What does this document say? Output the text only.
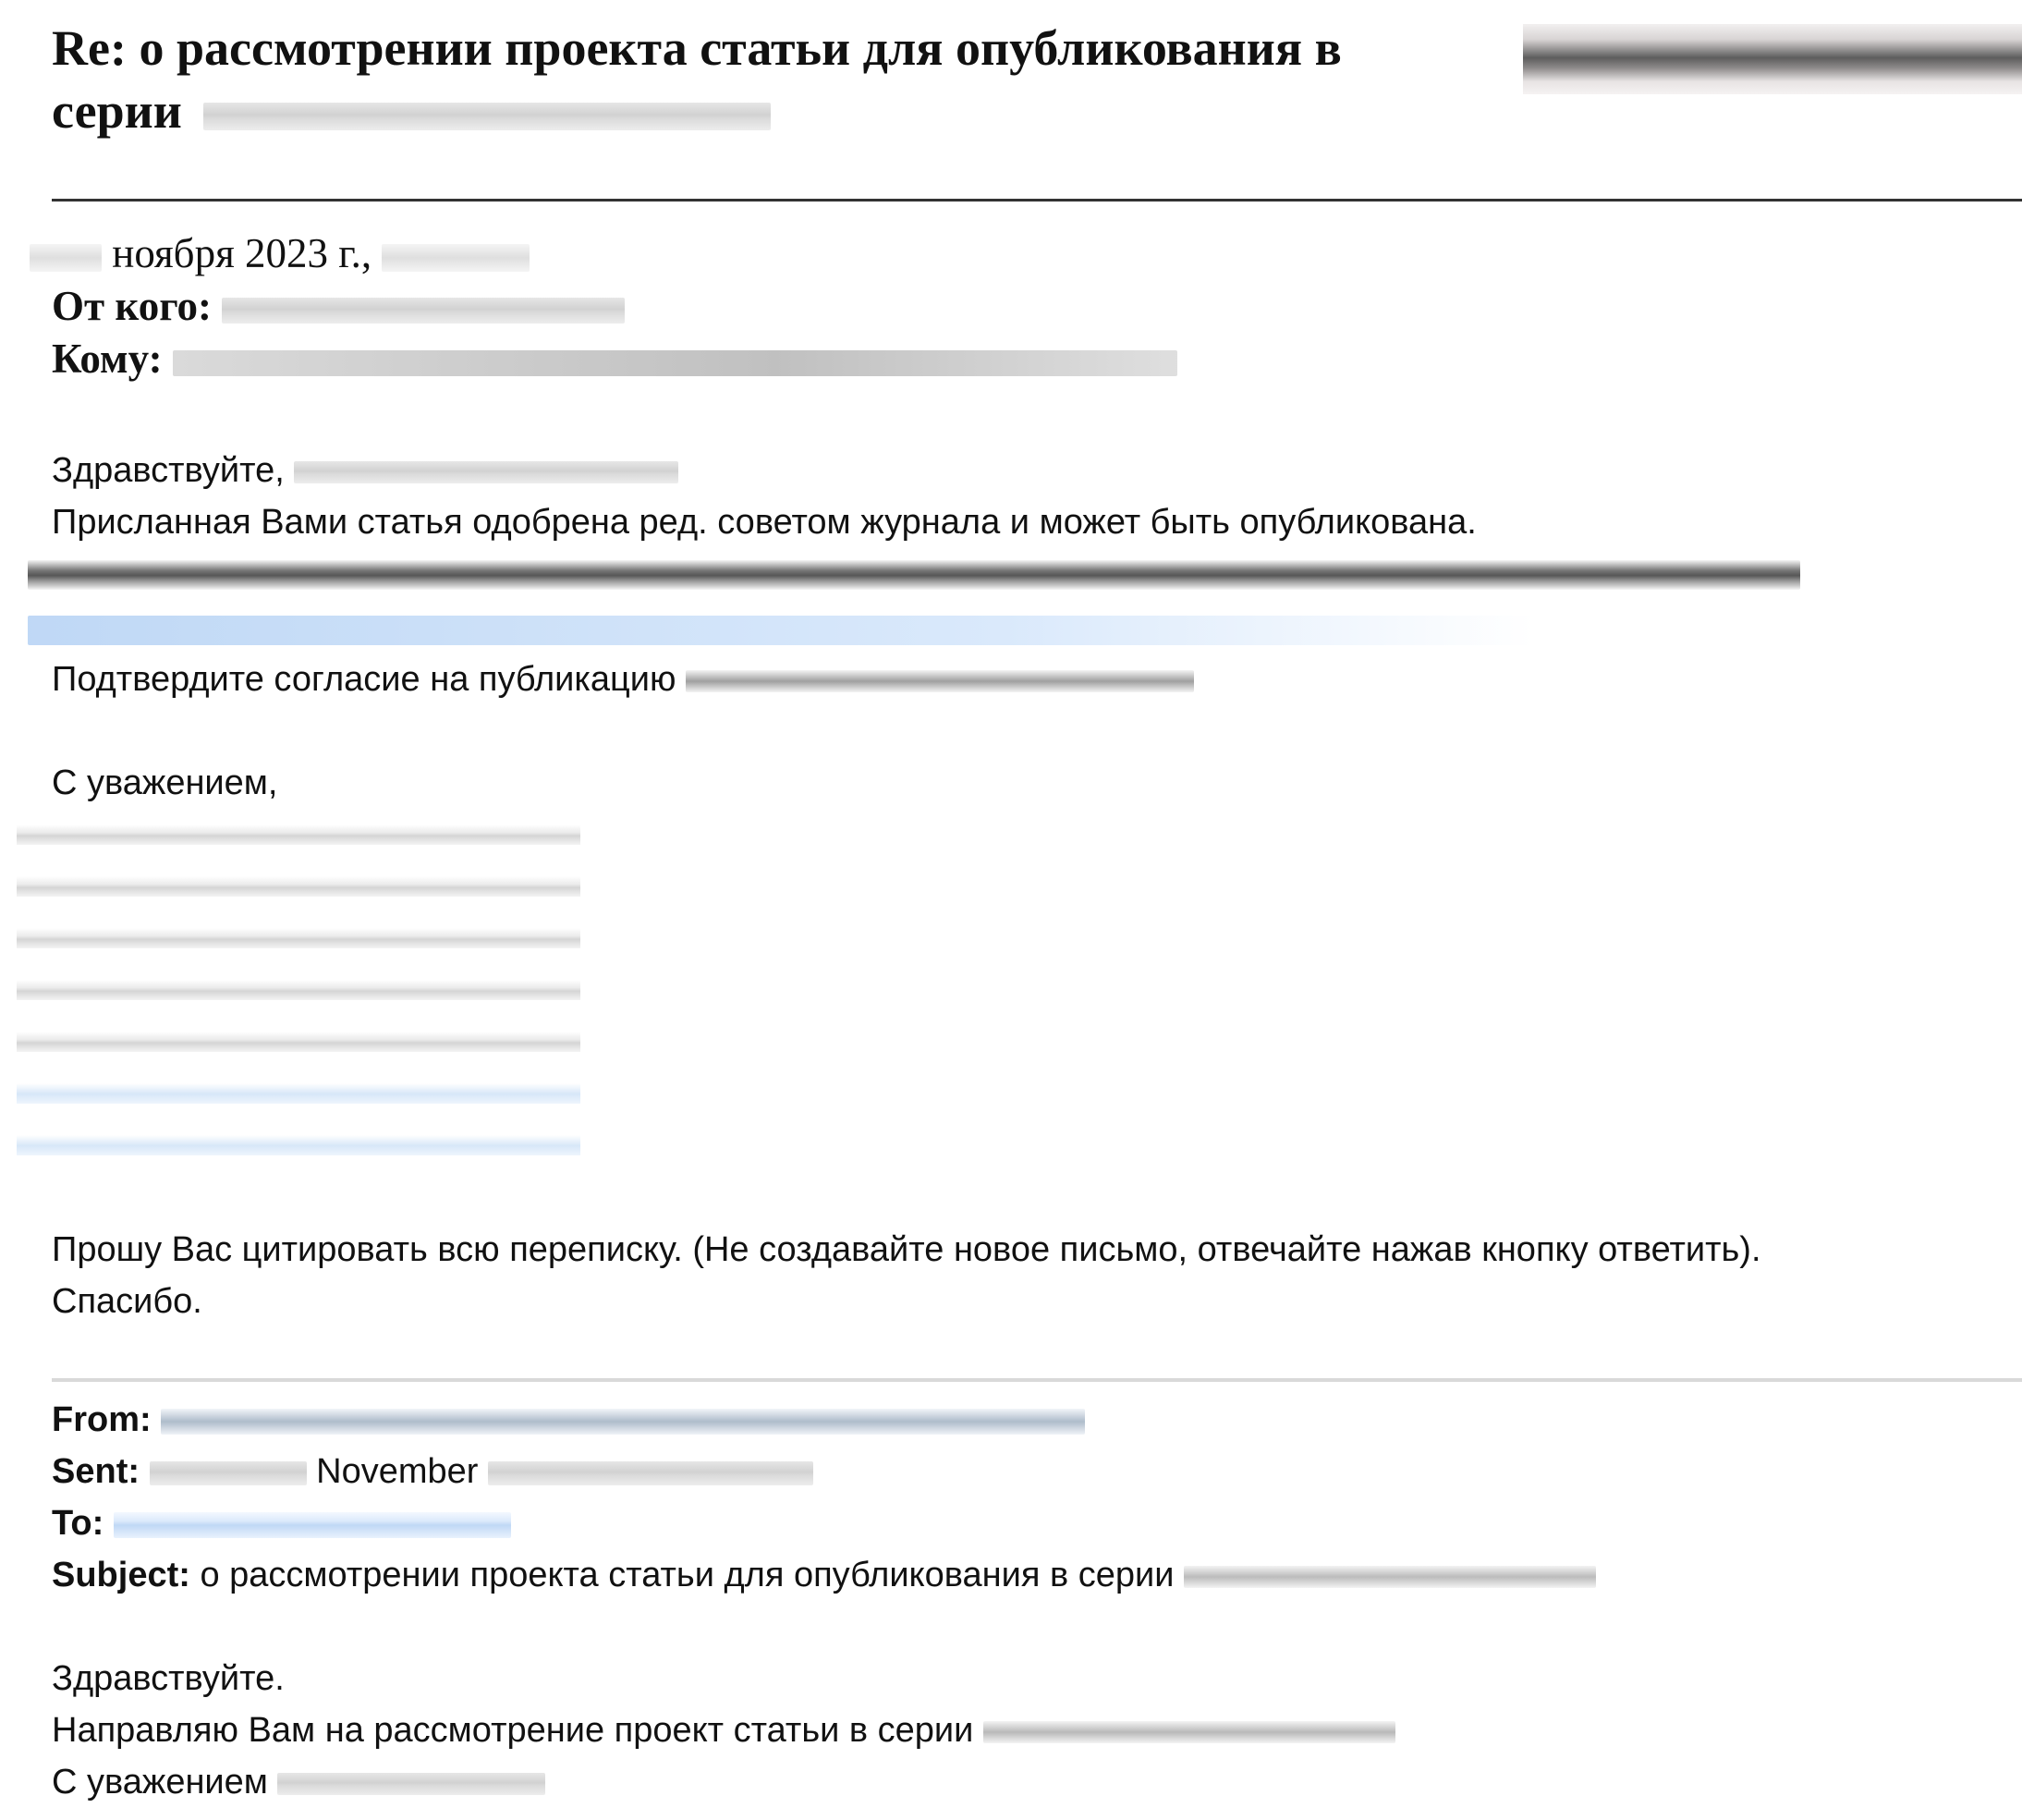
Re: о рассмотрении проекта статьи для опубликования в
серии
ноября 2023 г.,
От кого:
Кому:
Здравствуйте,
Присланная Вами статья одобрена ред. советом журнала и может быть опубликована.
Подтвердите согласие на публикацию
С уважением,
Прошу Вас цитировать всю переписку. (Не создавайте новое письмо, отвечайте нажав кнопку ответить).
Спасибо.
From:
Sent:	November
To:
Subject: о рассмотрении проекта статьи для опубликования в серии
Здравствуйте.
Направляю Вам на рассмотрение проект статьи в серии
С уважением
